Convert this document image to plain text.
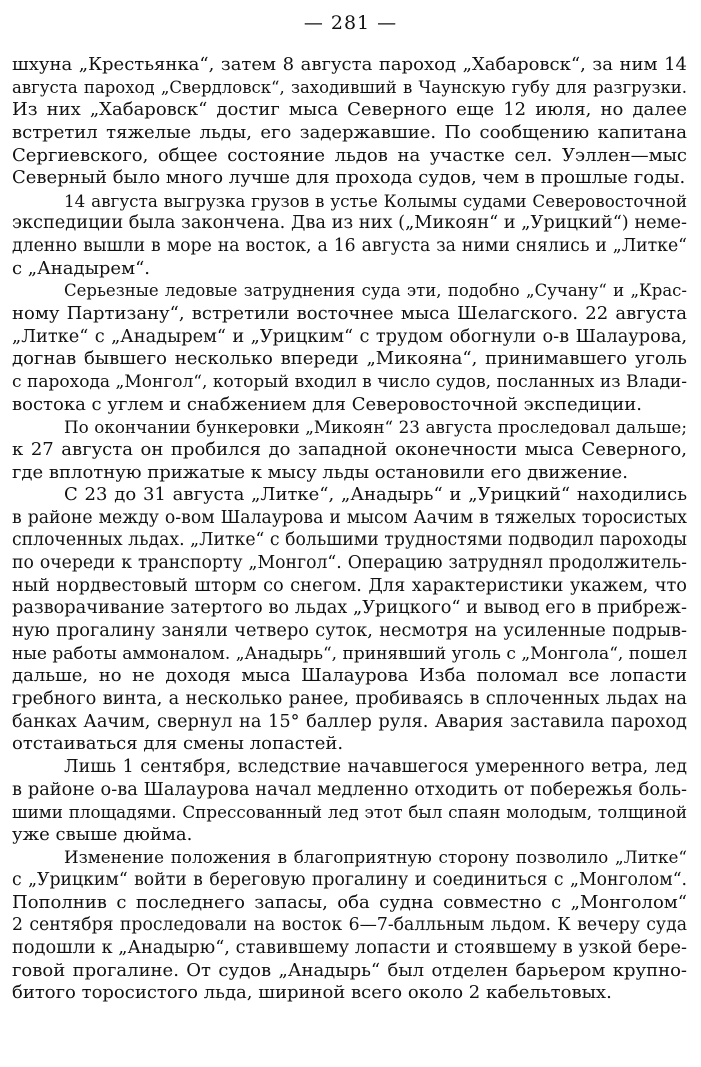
— 281 —
шхуна „Крестьянка“, затем 8 августа пароход „Хабаровск“, за ним 14
августа пароход „Свердловск“, заходивший в Чаунскую губу для разгрузки.
Из них „Хабаровск“ достиг мыса Северного еще 12 июля, но далее
встретил тяжелые льды, его задержавшие. По сообщению капитана
Сергиевского, общее состояние льдов на участке сел. Уэллен—мыс
Северный было много лучше для прохода судов, чем в прошлые годы.
14 августа выгрузка грузов в устье Колымы судами Северовосточной
экспедиции была закончена. Два из них („Микоян“ и „Урицкий“) неме-
дленно вышли в море на восток, а 16 августа за ними снялись и „Литке“
с „Анадырем“.
Серьезные ледовые затруднения суда эти, подобно „Сучану“ и „Крас-
ному Партизану“, встретили восточнее мыса Шелагского. 22 августа
„Литке“ с „Анадырем“ и „Урицким“ с трудом обогнули о-в Шалаурова,
догнав бывшего несколько впереди „Микояна“, принимавшего уголь
с парохода „Монгол“, который входил в число судов, посланных из Влади-
востока с углем и снабжением для Северовосточной экспедиции.
По окончании бункеровки „Микоян“ 23 августа проследовал дальше;
к 27 августа он пробился до западной оконечности мыса Северного,
где вплотную прижатые к мысу льды остановили его движение.
С 23 до 31 августа „Литке“, „Анадырь“ и „Урицкий“ находились
в районе между о-вом Шалаурова и мысом Аачим в тяжелых торосистых
сплоченных льдах. „Литке“ с большими трудностями подводил пароходы
по очереди к транспорту „Монгол“. Операцию затруднял продолжитель-
ный нордвестовый шторм со снегом. Для характеристики укажем, что
разворачивание затертого во льдах „Урицкого“ и вывод его в прибреж-
ную прогалину заняли четверо суток, несмотря на усиленные подрыв-
ные работы аммоналом. „Анадырь“, принявший уголь с „Монгола“, пошел
дальше, но не доходя мыса Шалаурова Изба поломал все лопасти
гребного винта, а несколько ранее, пробиваясь в сплоченных льдах на
банках Аачим, свернул на 15° баллер руля. Авария заставила пароход
отстаиваться для смены лопастей.
Лишь 1 сентября, вследствие начавшегося умеренного ветра, лед
в районе о-ва Шалаурова начал медленно отходить от побережья боль-
шими площадями. Спрессованный лед этот был спаян молодым, толщиной
уже свыше дюйма.
Изменение положения в благоприятную сторону позволило „Литке“
с „Урицким“ войти в береговую прогалину и соединиться с „Монголом“.
Пополнив с последнего запасы, оба судна совместно с „Монголом“
2 сентября проследовали на восток 6—7-балльным льдом. К вечеру суда
подошли к „Анадырю“, ставившему лопасти и стоявшему в узкой бере-
говой прогалине. От судов „Анадырь“ был отделен барьером крупно-
битого торосистого льда, шириной всего около 2 кабельтовых.
